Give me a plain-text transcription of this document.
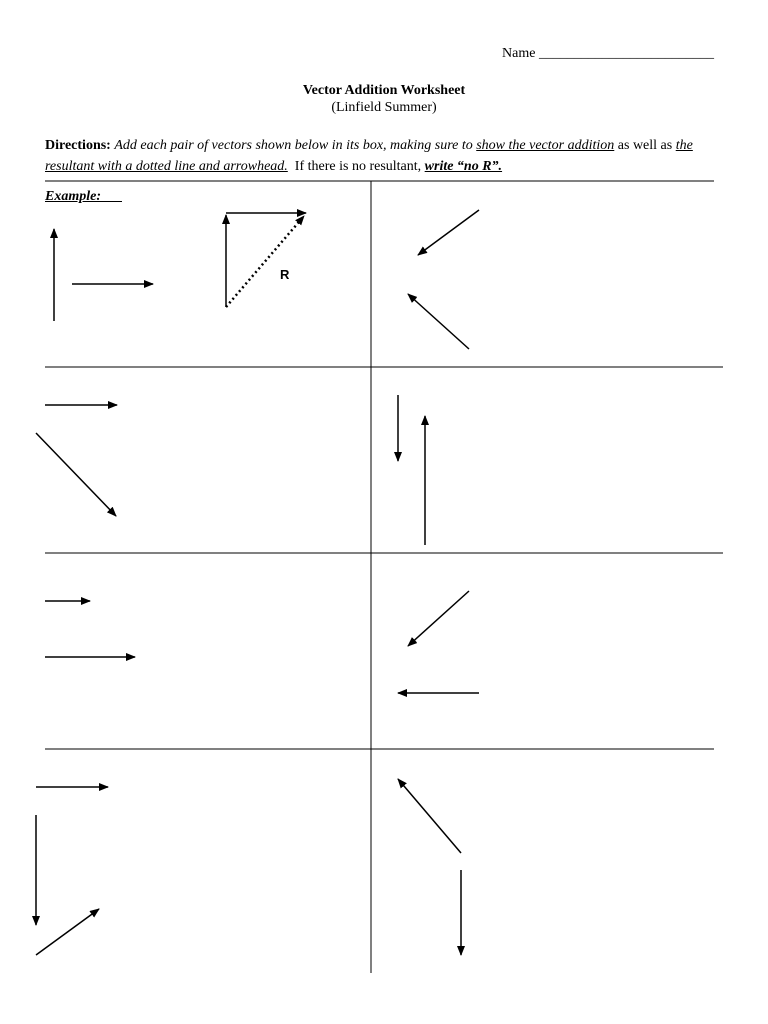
Name _________________________
Vector Addition Worksheet
(Linfield Summer)
Directions: Add each pair of vectors shown below in its box, making sure to show the vector addition as well as the resultant with a dotted line and arrowhead. If there is no resultant, write “no R”.
Example:
R
